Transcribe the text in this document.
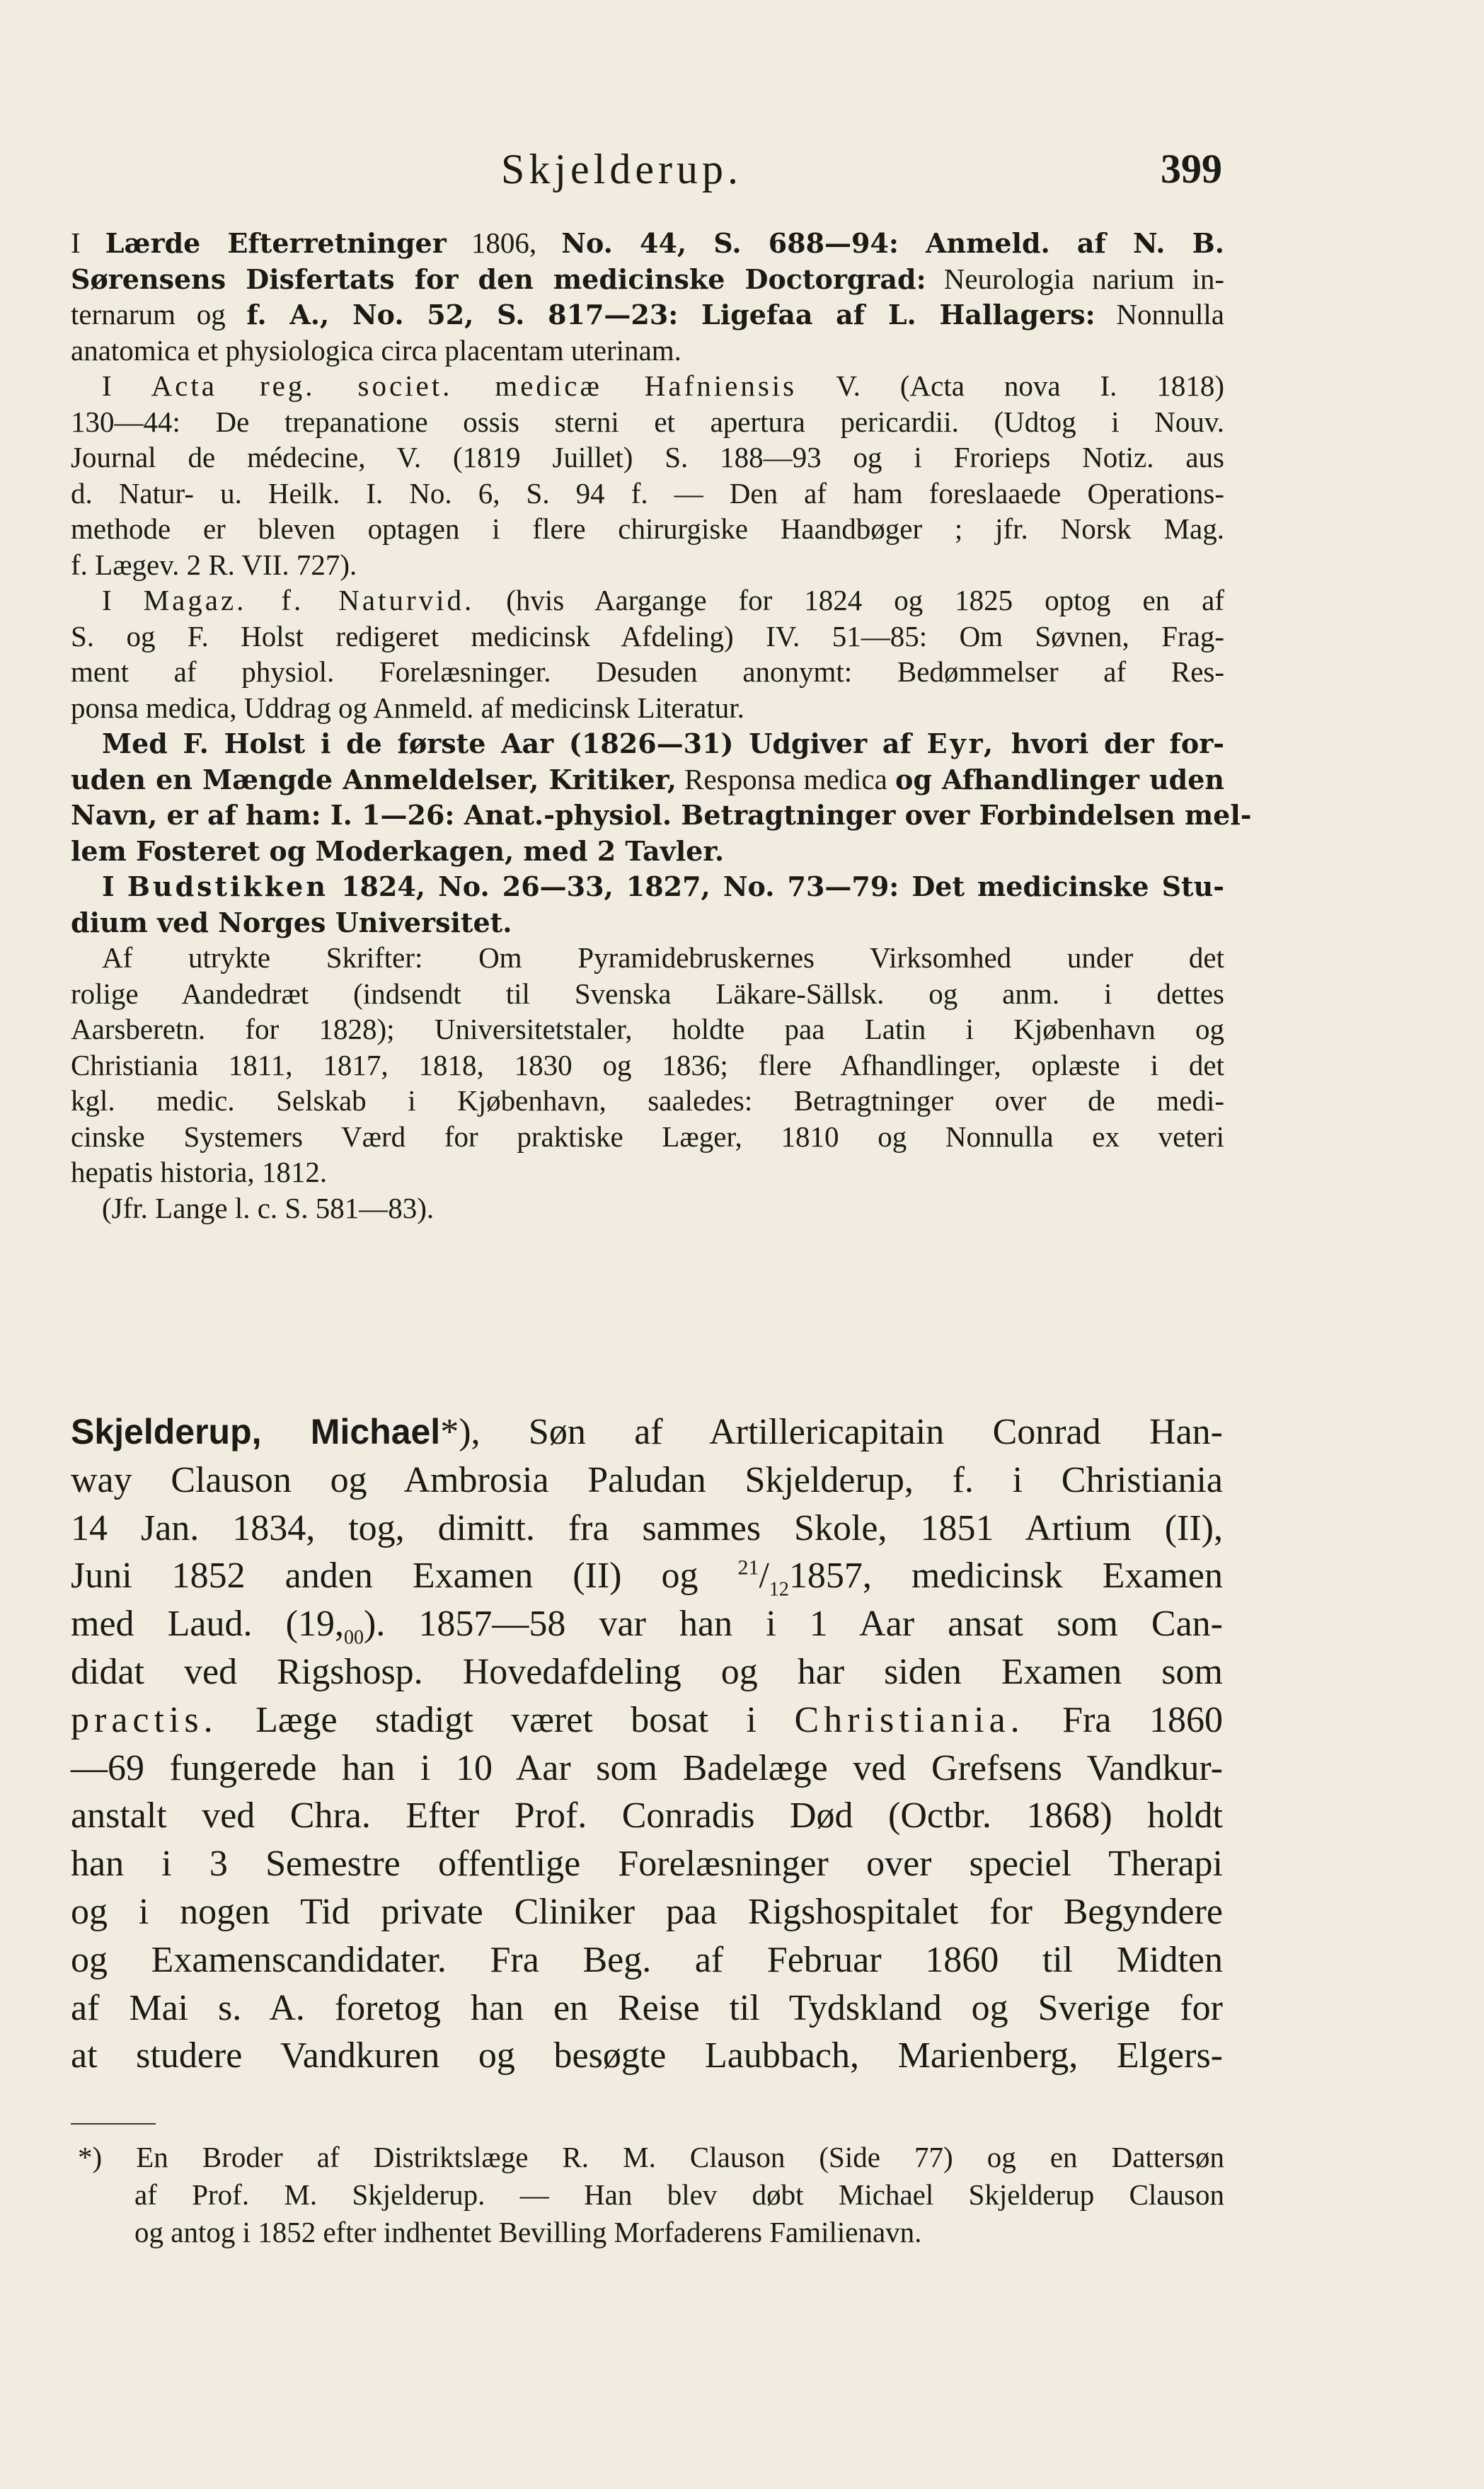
Skjelderup.	399
I Lærde Efterretninger 1806, No. 44, S. 688—94: Anmeld. af N. B.
Sørensens Disfertats for den medicinske Doctorgrad: Neurologia narium in-
ternarum og f. A., No. 52, S. 817—23: Ligefaa af L. Hallagers: Nonnulla
anatomica et physiologica circa placentam uterinam.
I Acta reg. societ. medicæ Hafniensis V. (Acta nova I. 1818)
130—44: De trepanatione ossis sterni et apertura pericardii. (Udtog i Nouv.
Journal de médecine, V. (1819 Juillet) S. 188—93 og i Frorieps Notiz. aus
d. Natur- u. Heilk. I. No. 6, S. 94 f. — Den af ham foreslaaede Operations-
methode er bleven optagen i flere chirurgiske Haandbøger ; jfr. Norsk Mag.
f. Lægev. 2 R. VII. 727).
I Magaz. f. Naturvid. (hvis Aargange for 1824 og 1825 optog en af
S. og F. Holst redigeret medicinsk Afdeling) IV. 51—85: Om Søvnen, Frag-
ment af physiol. Forelæsninger. Desuden anonymt: Bedømmelser af Res-
ponsa medica, Uddrag og Anmeld. af medicinsk Literatur.
Med F. Holst i de første Aar (1826—31) Udgiver af Eyr, hvori der for-
uden en Mængde Anmeldelser, Kritiker, Responsa medica og Afhandlinger uden
Navn, er af ham: I. 1—26: Anat.-physiol. Betragtninger over Forbindelsen mel-
lem Fosteret og Moderkagen, med 2 Tavler.
I Budstikken 1824, No. 26—33, 1827, No. 73—79: Det medicinske Stu-
dium ved Norges Universitet.
Af utrykte Skrifter: Om Pyramidebruskernes Virksomhed under det
rolige Aandedræt (indsendt til Svenska Läkare-Sällsk. og anm. i dettes
Aarsberetn. for 1828); Universitetstaler, holdte paa Latin i Kjøbenhavn og
Christiania 1811, 1817, 1818, 1830 og 1836; flere Afhandlinger, oplæste i det
kgl. medic. Selskab i Kjøbenhavn, saaledes: Betragtninger over de medi-
cinske Systemers Værd for praktiske Læger, 1810 og Nonnulla ex veteri
hepatis historia, 1812.
(Jfr. Lange l. c. S. 581—83).
Skjelderup, Michael*), Søn af Artillericapitain Conrad Han-
way Clauson og Ambrosia Paludan Skjelderup, f. i Christiania
14 Jan. 1834, tog, dimitt. fra sammes Skole, 1851 Artium (II),
Juni 1852 anden Examen (II) og $^{21}/_{12}1857$, medicinsk Examen
med Laud. $(19,_{00})$. 1857—58 var han i 1 Aar ansat som Can-
didat ved Rigshosp. Hovedafdeling og har siden Examen som
practis. Læge stadigt været bosat i Christiania. Fra 1860
—69 fungerede han i 10 Aar som Badelæge ved Grefsens Vandkur-
anstalt ved Chra. Efter Prof. Conradis Død (Octbr. 1868) holdt
han i 3 Semestre offentlige Forelæsninger over speciel Therapi
og i nogen Tid private Cliniker paa Rigshospitalet for Begyndere
og Examenscandidater. Fra Beg. af Februar 1860 til Midten
af Mai s. A. foretog han en Reise til Tydskland og Sverige for
at studere Vandkuren og besøgte Laubbach, Marienberg, Elgers-
*) En Broder af Distriktslæge R. M. Clauson (Side 77) og en Dattersøn
af Prof. M. Skjelderup. — Han blev døbt Michael Skjelderup Clauson
og antog i 1852 efter indhentet Bevilling Morfaderens Familienavn.
